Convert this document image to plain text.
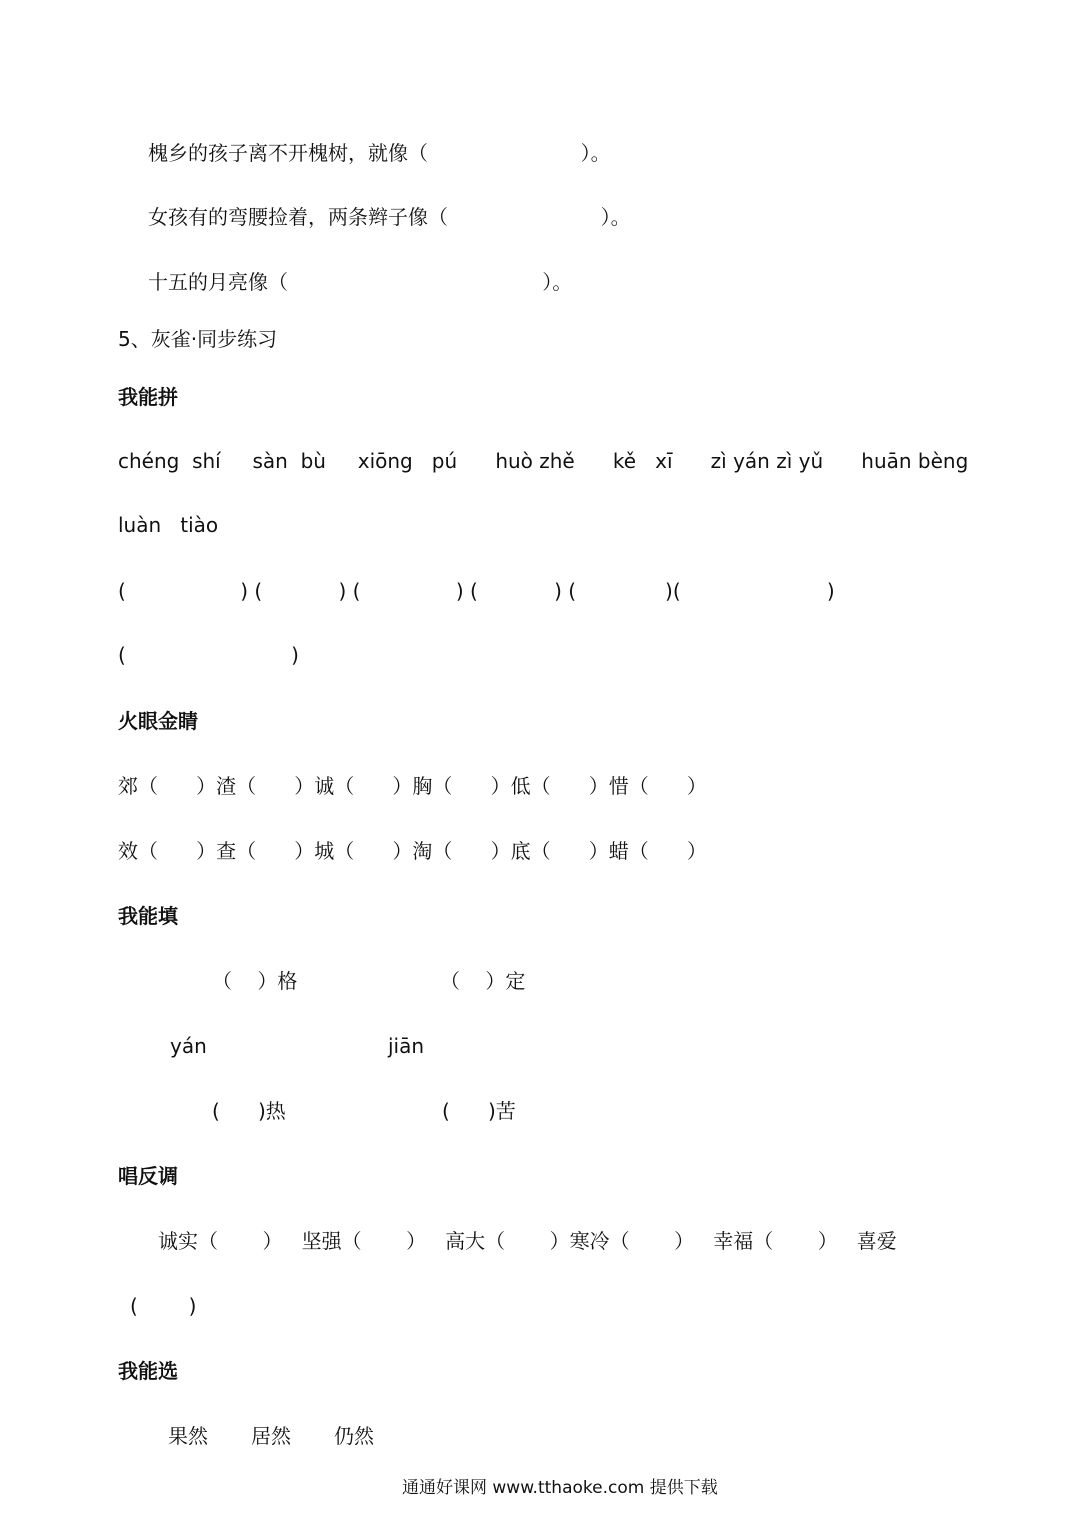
槐乡的孩子离不开槐树，就像（                        ）。
女孩有的弯腰捡着，两条辫子像（                        ）。
十五的月亮像（                                        ）。
5、灰雀·同步练习
我能拼
chéng  shí     sàn  bù     xiōng   pú      huò zhě      kě   xī      zì yán zì yǔ      huān bèng
luàn   tiào
(                  ) (            ) (               ) (            ) (              )(                       )
(                          )
火眼金睛
郊（      ）渣（      ）诚（      ）胸（      ）低（      ）惜（      ）
效（      ）查（      ）城（      ）淘（      ）底（      ）蜡（      ）
我能填
（    ）格	（    ）定
yán	jiān
(      )热	(      )苦
唱反调
诚实（       ）   坚强（       ）   高大（       ）寒冷（       ）   幸福（       ）   喜爱
(        )
我能选
果然 居然 仍然
通通好课网 www.tthaoke.com 提供下载
